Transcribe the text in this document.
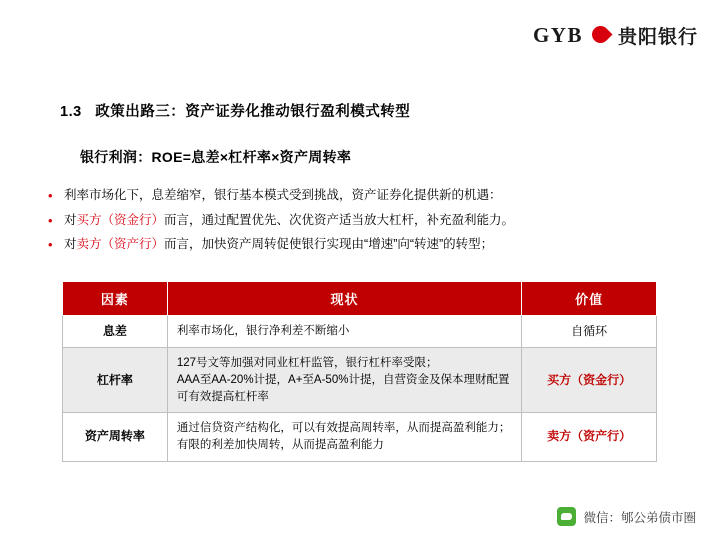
GYB 贵阳银行
1.3 政策出路三：资产证券化推动银行盈利模式转型
银行利润：ROE=息差×杠杆率×资产周转率
• 利率市场化下，息差缩窄，银行基本模式受到挑战，资产证券化提供新的机遇：
• 对买方（资金行）而言，通过配置优先、次优资产适当放大杠杆，补充盈利能力。
• 对卖方（资产行）而言，加快资产周转促使银行实现由“增速”向“转速”的转型；
因素	现状	价值
息差	利率市场化，银行净利差不断缩小	自循环
杠杆率	127号文等加强对同业杠杆监管，银行杠杆率受限；
AAA至AA-20%计提，A+至A-50%计提，自营资金及保本理财配置可有效提高杠杆率	买方（资金行）
资产周转率	通过信贷资产结构化，可以有效提高周转率，从而提高盈利能力；
有限的利差加快周转，从而提高盈利能力	卖方（资产行）
微信：郇公弟债市圈
